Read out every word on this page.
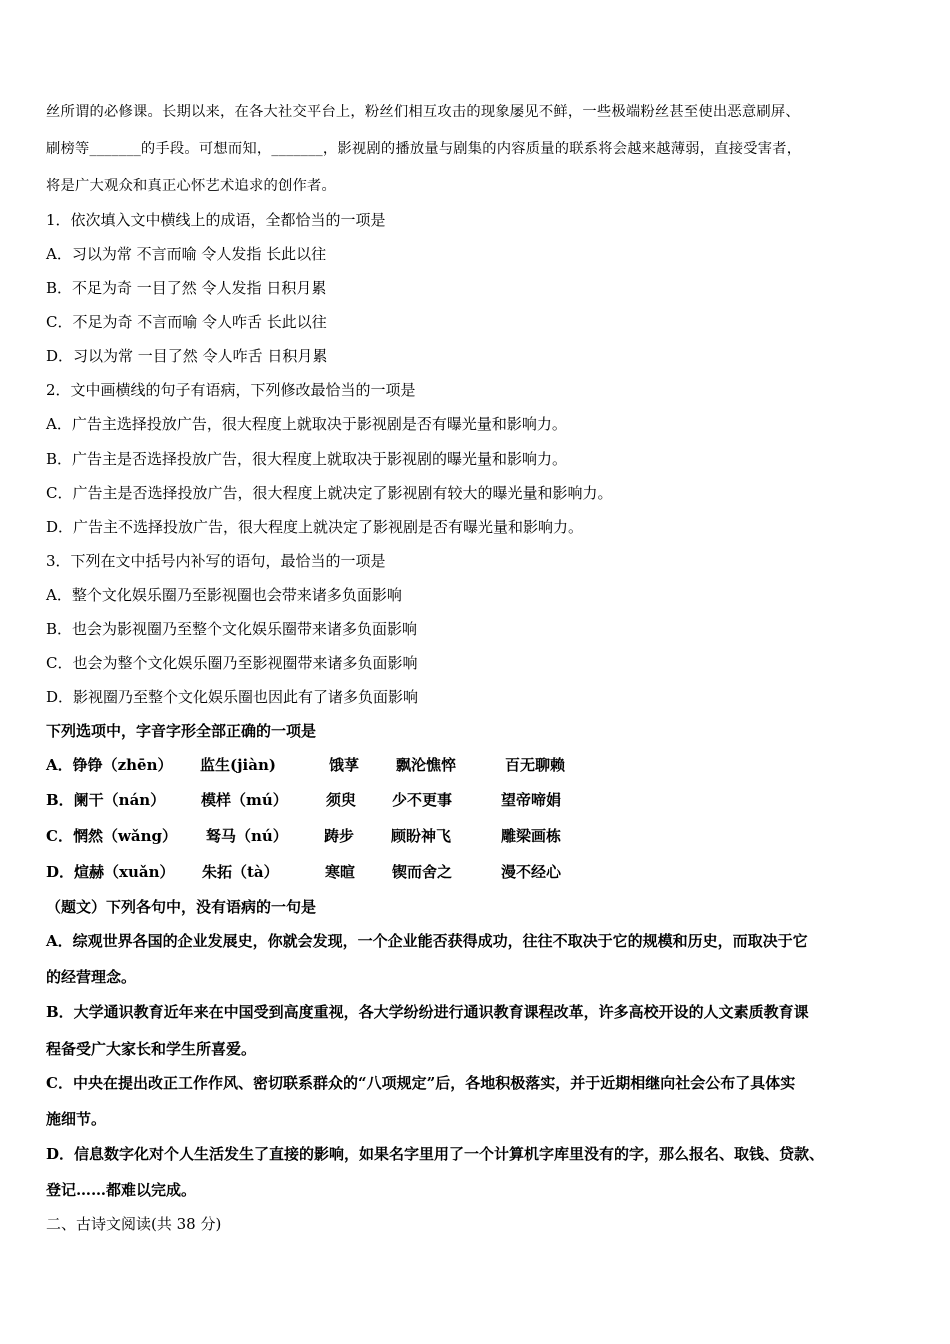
丝所谓的必修课。长期以来，在各大社交平台上，粉丝们相互攻击的现象屡见不鲜，一些极端粉丝甚至使出恶意刷屏、
刷榜等_______的手段。可想而知，_______，影视剧的播放量与剧集的内容质量的联系将会越来越薄弱，直接受害者，
将是广大观众和真正心怀艺术追求的创作者。
1．依次填入文中横线上的成语，全都恰当的一项是
A．习以为常 不言而喻 令人发指 长此以往
B．不足为奇 一目了然 令人发指 日积月累
C．不足为奇 不言而喻 令人咋舌 长此以往
D．习以为常 一目了然 令人咋舌 日积月累
2．文中画横线的句子有语病，下列修改最恰当的一项是
A．广告主选择投放广告，很大程度上就取决于影视剧是否有曝光量和影响力。
B．广告主是否选择投放广告，很大程度上就取决于影视剧的曝光量和影响力。
C．广告主是否选择投放广告，很大程度上就决定了影视剧有较大的曝光量和影响力。
D．广告主不选择投放广告，很大程度上就决定了影视剧是否有曝光量和影响力。
3．下列在文中括号内补写的语句，最恰当的一项是
A．整个文化娱乐圈乃至影视圈也会带来诸多负面影响
B．也会为影视圈乃至整个文化娱乐圈带来诸多负面影响
C．也会为整个文化娱乐圈乃至影视圈带来诸多负面影响
D．影视圈乃至整个文化娱乐圈也因此有了诸多负面影响
下列选项中，字音字形全部正确的一项是
A．铮铮（zhēn） 监生(jiàn)	饿莩 飘沦憔悴	百无聊赖
B．阑干（nán） 模样（mú）	须臾 少不更事	望帝啼娟
C．惘然（wǎng） 驽马（nú） 踌步 顾盼神飞	雕梁画栋
D．煊赫（xuǎn） 朱拓（tà）	寒暄 锲而舍之	漫不经心
（题文）下列各句中，没有语病的一句是
A．综观世界各国的企业发展史，你就会发现，一个企业能否获得成功，往往不取决于它的规模和历史，而取决于它
的经营理念。
B．大学通识教育近年来在中国受到高度重视，各大学纷纷进行通识教育课程改革，许多高校开设的人文素质教育课
程备受广大家长和学生所喜爱。
C．中央在提出改正工作作风、密切联系群众的“八项规定”后，各地积极落实，并于近期相继向社会公布了具体实
施细节。
D．信息数字化对个人生活发生了直接的影响，如果名字里用了一个计算机字库里没有的字，那么报名、取钱、贷款、
登记……都难以完成。
二、古诗文阅读(共 38 分)
